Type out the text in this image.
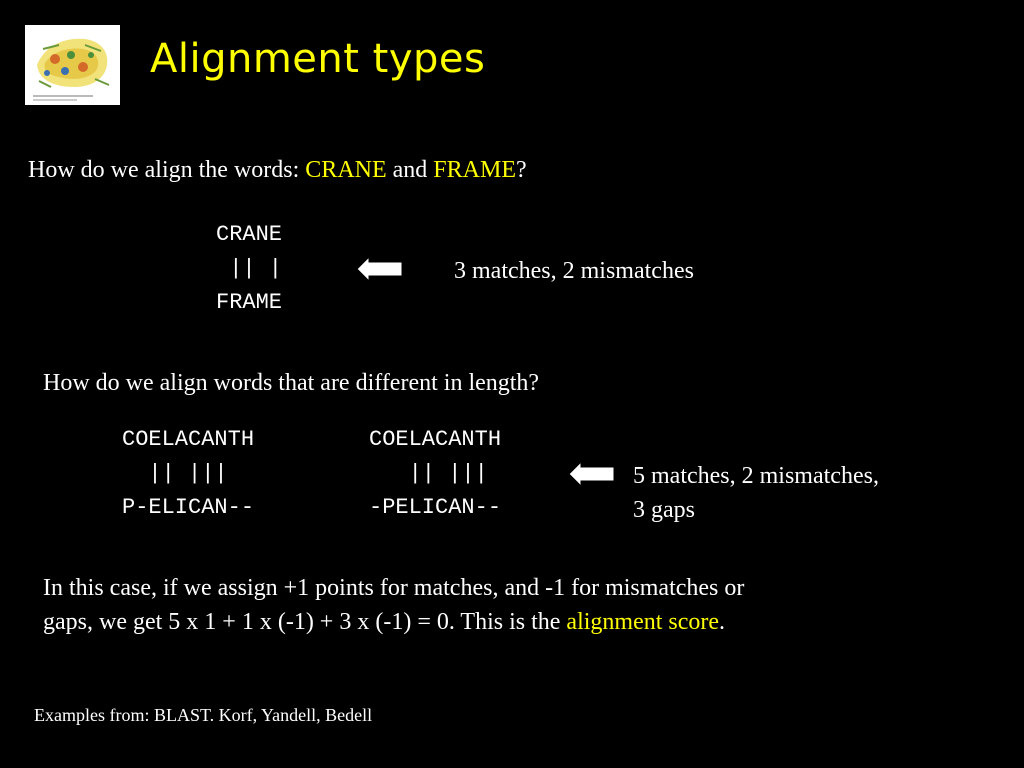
Alignment types
How do we align the words: CRANE and FRAME?
CRANE
|| |
FRAME
3 matches, 2 mismatches
How do we align words that are different in length?
COELACANTH
|| |||
P-ELICAN--
COELACANTH
|| |||
-PELICAN--
5 matches, 2 mismatches,
3 gaps
In this case, if we assign +1 points for matches, and -1 for mismatches or
gaps, we get 5 x 1 + 1 x (-1) + 3 x (-1) = 0. This is the alignment score.
Examples from: BLAST. Korf, Yandell, Bedell
